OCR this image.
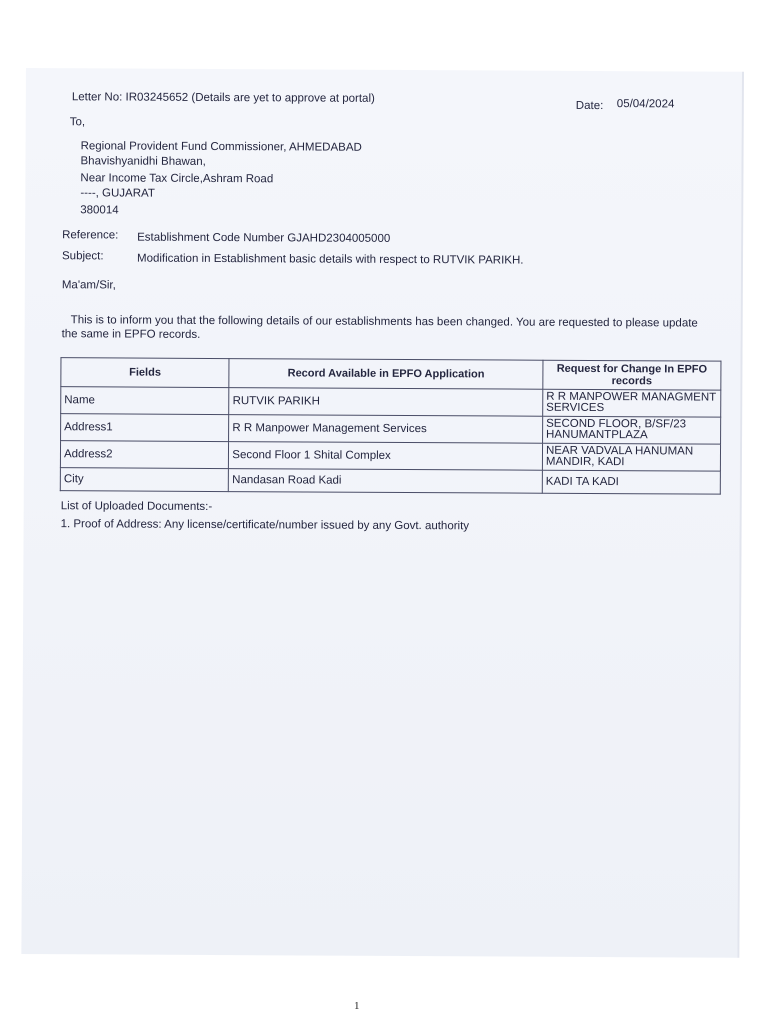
Letter No: IR03245652 (Details are yet to approve at portal)
Date: 05/04/2024
To,
Regional Provident Fund Commissioner, AHMEDABAD
Bhavishyanidhi Bhawan,
Near Income Tax Circle,Ashram Road
----, GUJARAT
380014
Reference: Establishment Code Number GJAHD2304005000
Subject:	Modification in Establishment basic details with respect to RUTVIK PARIKH.
Ma'am/Sir,
This is to inform you that the following details of our establishments has been changed. You are requested to please update
the same in EPFO records.
Fields	Record Available in EPFO Application	Request for Change In EPFO records
Name	RUTVIK PARIKH	R R MANPOWER MANAGMENT SERVICES
Address1	R R Manpower Management Services	SECOND FLOOR, B/SF/23 HANUMANTPLAZA
Address2	Second Floor 1 Shital Complex	NEAR VADVALA HANUMAN MANDIR, KADI
City	Nandasan Road Kadi	KADI TA KADI
List of Uploaded Documents:-
1. Proof of Address: Any license/certificate/number issued by any Govt. authority
1
